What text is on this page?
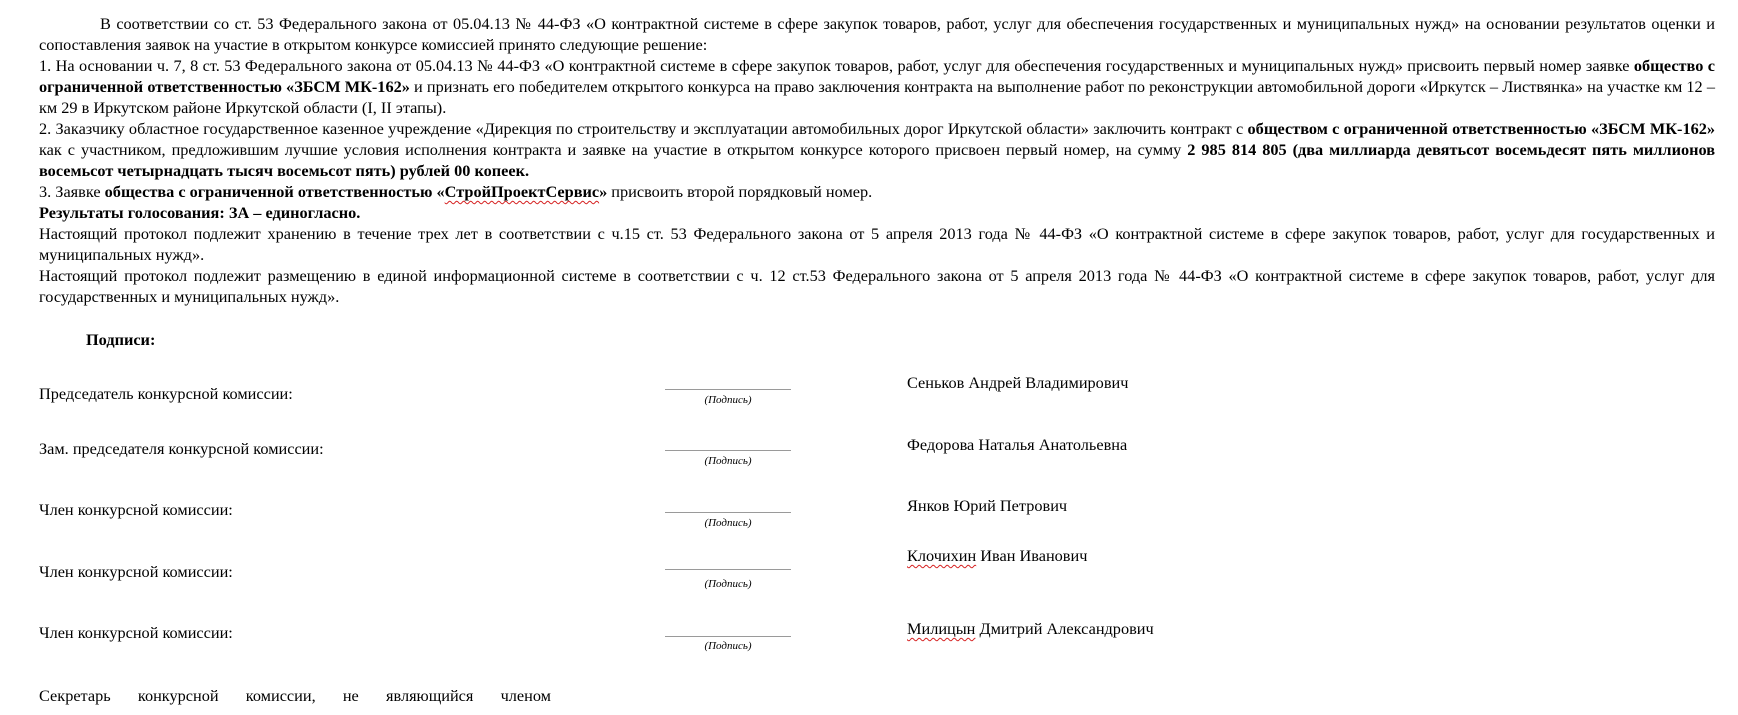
В соответствии со ст. 53 Федерального закона от 05.04.13 № 44-ФЗ «О контрактной системе в сфере закупок товаров, работ, услуг для обеспечения государственных и муниципальных нужд» на основании результатов оценки и сопоставления заявок на участие в открытом конкурсе комиссией принято следующие решение:

1. На основании ч. 7, 8 ст. 53 Федерального закона от 05.04.13 № 44-ФЗ «О контрактной системе в сфере закупок товаров, работ, услуг для обеспечения государственных и муниципальных нужд» присвоить первый номер заявке общество с ограниченной ответственностью «ЗБСМ МК-162» и признать его победителем открытого конкурса на право заключения контракта на выполнение работ по реконструкции автомобильной дороги «Иркутск – Листвянка» на участке км 12 – км 29 в Иркутском районе Иркутской области (I, II этапы).

2. Заказчику областное государственное казенное учреждение «Дирекция по строительству и эксплуатации автомобильных дорог Иркутской области» заключить контракт с обществом с ограниченной ответственностью «ЗБСМ МК-162» как с участником, предложившим лучшие условия исполнения контракта и заявке на участие в открытом конкурсе которого присвоен первый номер, на сумму 2 985 814 805 (два миллиарда девятьсот восемьдесят пять миллионов восемьсот четырнадцать тысяч восемьсот пять) рублей 00 копеек.

3. Заявке общества с ограниченной ответственностью «СтройПроектСервис» присвоить второй порядковый номер.

Результаты голосования: ЗА – единогласно.

Настоящий протокол подлежит хранению в течение трех лет в соответствии с ч.15 ст. 53 Федерального закона от 5 апреля 2013 года № 44-ФЗ «О контрактной системе в сфере закупок товаров, работ, услуг для государственных и муниципальных нужд».

Настоящий протокол подлежит размещению в единой информационной системе в соответствии с ч. 12 ст.53 Федерального закона от 5 апреля 2013 года № 44-ФЗ «О контрактной системе в сфере закупок товаров, работ, услуг для государственных и муниципальных нужд».

Подписи:
Председатель конкурсной комиссии:	(Подпись)
Сеньков Андрей Владимирович
Зам. председателя конкурсной комиссии:
(Подпись)
Федорова Наталья Анатольевна
Член конкурсной комиссии:
(Подпись)
Янков Юрий Петрович
Член конкурсной комиссии:
(Подпись)
Клочихин Иван Иванович
Член конкурсной комиссии:
(Подпись)
Милицын Дмитрий Александрович
Секретарь конкурсной комиссии, не являющийся членом
